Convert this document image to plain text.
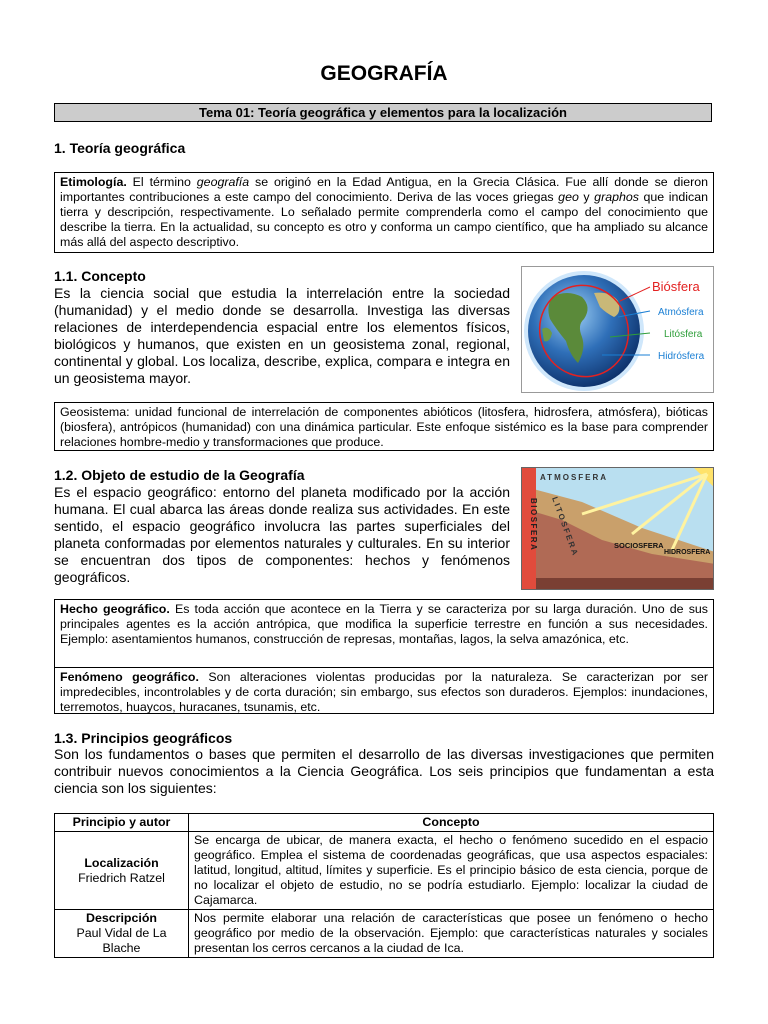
GEOGRAFÍA
Tema 01: Teoría geográfica y elementos para la localización
1. Teoría geográfica
Etimología. El término geografía se originó en la Edad Antigua, en la Grecia Clásica. Fue allí donde se dieron importantes contribuciones a este campo del conocimiento. Deriva de las voces griegas geo y graphos que indican tierra y descripción, respectivamente. Lo señalado permite comprenderla como el campo del conocimiento que describe la tierra. En la actualidad, su concepto es otro y conforma un campo científico, que ha ampliado su alcance más allá del aspecto descriptivo.
1.1. Concepto
Es la ciencia social que estudia la interrelación entre la sociedad (humanidad) y el medio donde se desarrolla. Investiga las diversas relaciones de interdependencia espacial entre los elementos físicos, biológicos y humanos, que existen en un geosistema zonal, regional, continental y global. Los localiza, describe, explica, compara e integra en un geosistema mayor.
Biósfera
Atmósfera
Litósfera
Hidrósfera
Geosistema: unidad funcional de interrelación de componentes abióticos (litosfera, hidrosfera, atmósfera), bióticas (biosfera), antrópicos (humanidad) con una dinámica particular. Este enfoque sistémico es la base para comprender relaciones hombre-medio y transformaciones que produce.
1.2. Objeto de estudio de la Geografía
Es el espacio geográfico: entorno del planeta modificado por la acción humana. El cual abarca las áreas donde realiza sus actividades. En este sentido, el espacio geográfico involucra las partes superficiales del planeta conformadas por elementos naturales y culturales. En su interior se encuentran dos tipos de componentes: hechos y fenómenos geográficos.
ATMOSFERA
BIOSFERA LITOSFERA	SOCIOSFERA
HIDROSFERA
Hecho geográfico. Es toda acción que acontece en la Tierra y se caracteriza por su larga duración. Uno de sus principales agentes es la acción antrópica, que modifica la superficie terrestre en función a sus necesidades. Ejemplo: asentamientos humanos, construcción de represas, montañas, lagos, la selva amazónica, etc.
Fenómeno geográfico. Son alteraciones violentas producidas por la naturaleza. Se caracterizan por ser impredecibles, incontrolables y de corta duración; sin embargo, sus efectos son duraderos. Ejemplos: inundaciones, terremotos, huaycos, huracanes, tsunamis, etc.
1.3. Principios geográficos
Son los fundamentos o bases que permiten el desarrollo de las diversas investigaciones que permiten contribuir nuevos conocimientos a la Ciencia Geográfica. Los seis principios que fundamentan a esta ciencia son los siguientes:
Principio y autor	Concepto

Localización
Friedrich Ratzel	Se encarga de ubicar, de manera exacta, el hecho o fenómeno sucedido en el espacio geográfico. Emplea el sistema de coordenadas geográficas, que usa aspectos espaciales: latitud, longitud, altitud, límites y superficie. Es el principio básico de esta ciencia, porque de no localizar el objeto de estudio, no se podría estudiarlo. Ejemplo: localizar la ciudad de Cajamarca.

Descripción
Paul Vidal de La Blache	Nos permite elaborar una relación de características que posee un fenómeno o hecho geográfico por medio de la observación. Ejemplo: que características naturales y sociales presentan los cerros cercanos a la ciudad de Ica.
